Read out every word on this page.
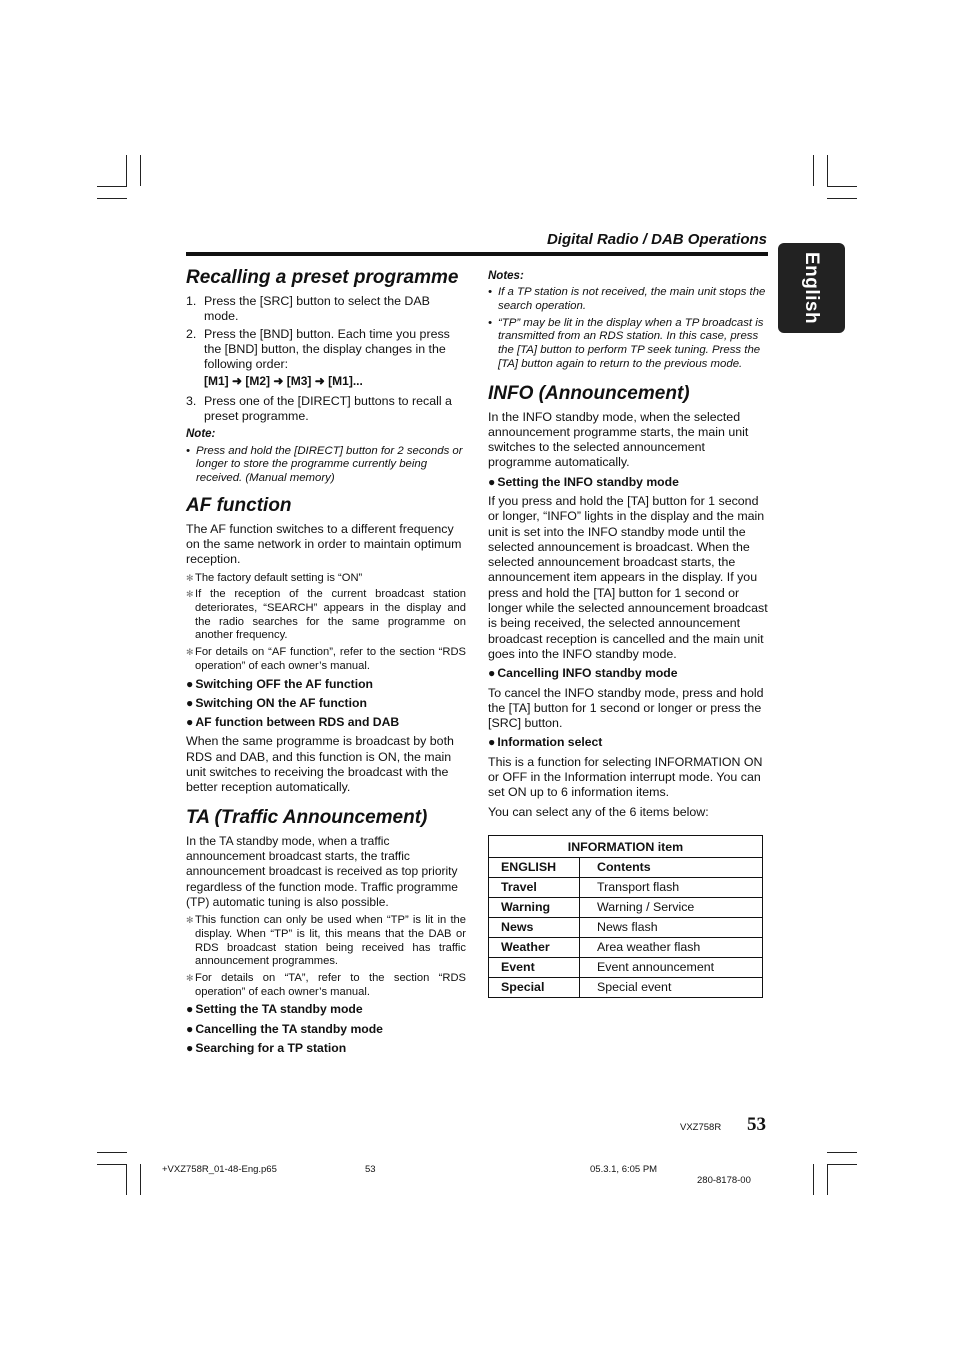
Digital Radio / DAB Operations
English
Recalling a preset programme
1. Press the [SRC] button to select the DAB mode.
2. Press the [BND] button. Each time you press the [BND] button, the display changes in the following order:
[M1] ➜ [M2] ➜ [M3] ➜ [M1]...
3. Press one of the [DIRECT] buttons to recall a preset programme.
Note:
• Press and hold the [DIRECT] button for 2 seconds or longer to store the programme currently being received. (Manual memory)
AF function

The AF function switches to a different frequency on the same network in order to maintain optimum reception.

✻ The factory default setting is “ON”
✻ If the reception of the current broadcast station deteriorates, “SEARCH” appears in the display and the radio searches for the same programme on another frequency.
✻ For details on “AF function”, refer to the section “RDS operation” of each owner’s manual.
● Switching OFF the AF function
● Switching ON the AF function
● AF function between RDS and DAB

When the same programme is broadcast by both RDS and DAB, and this function is ON, the main unit switches to receiving the broadcast with the better reception automatically.

TA (Traffic Announcement)

In the TA standby mode, when a traffic announcement broadcast starts, the traffic announcement broadcast is received as top priority regardless of the function mode. Traffic programme (TP) automatic tuning is also possible.

✻ This function can only be used when “TP” is lit in the display. When “TP” is lit, this means that the DAB or RDS broadcast station being received has traffic announcement programmes.
✻ For details on “TA”, refer to the section “RDS operation” of each owner’s manual.
● Setting the TA standby mode
● Cancelling the TA standby mode
● Searching for a TP station
Notes:
• If a TP station is not received, the main unit stops the search operation.
• “TP” may be lit in the display when a TP broadcast is transmitted from an RDS station. In this case, press the [TA] button to perform TP seek tuning. Press the [TA] button again to return to the previous mode.
INFO (Announcement)

In the INFO standby mode, when the selected announcement programme starts, the main unit switches to the selected announcement programme automatically.

● Setting the INFO standby mode

If you press and hold the [TA] button for 1 second or longer, “INFO” lights in the display and the main unit is set into the INFO standby mode until the selected announcement is broadcast. When the selected announcement broadcast starts, the announcement item appears in the display. If you press and hold the [TA] button for 1 second or longer while the selected announcement broadcast is being received, the selected announcement broadcast reception is cancelled and the main unit goes into the INFO standby mode.

● Cancelling INFO standby mode

To cancel the INFO standby mode, press and hold the [TA] button for 1 second or longer or press the [SRC] button.

● Information select

This is a function for selecting INFORMATION ON or OFF in the Information interrupt mode. You can set ON up to 6 information items.

You can select any of the 6 items below:

INFORMATION item	
ENGLISH	Contents
Travel	Transport flash
Warning	Warning / Service
News	News flash
Weather	Area weather flash
Event	Event announcement
Special	Special event
VXZ758R 53
+VXZ758R_01-48-Eng.p65	53	05.3.1, 6:05 PM
280-8178-00
